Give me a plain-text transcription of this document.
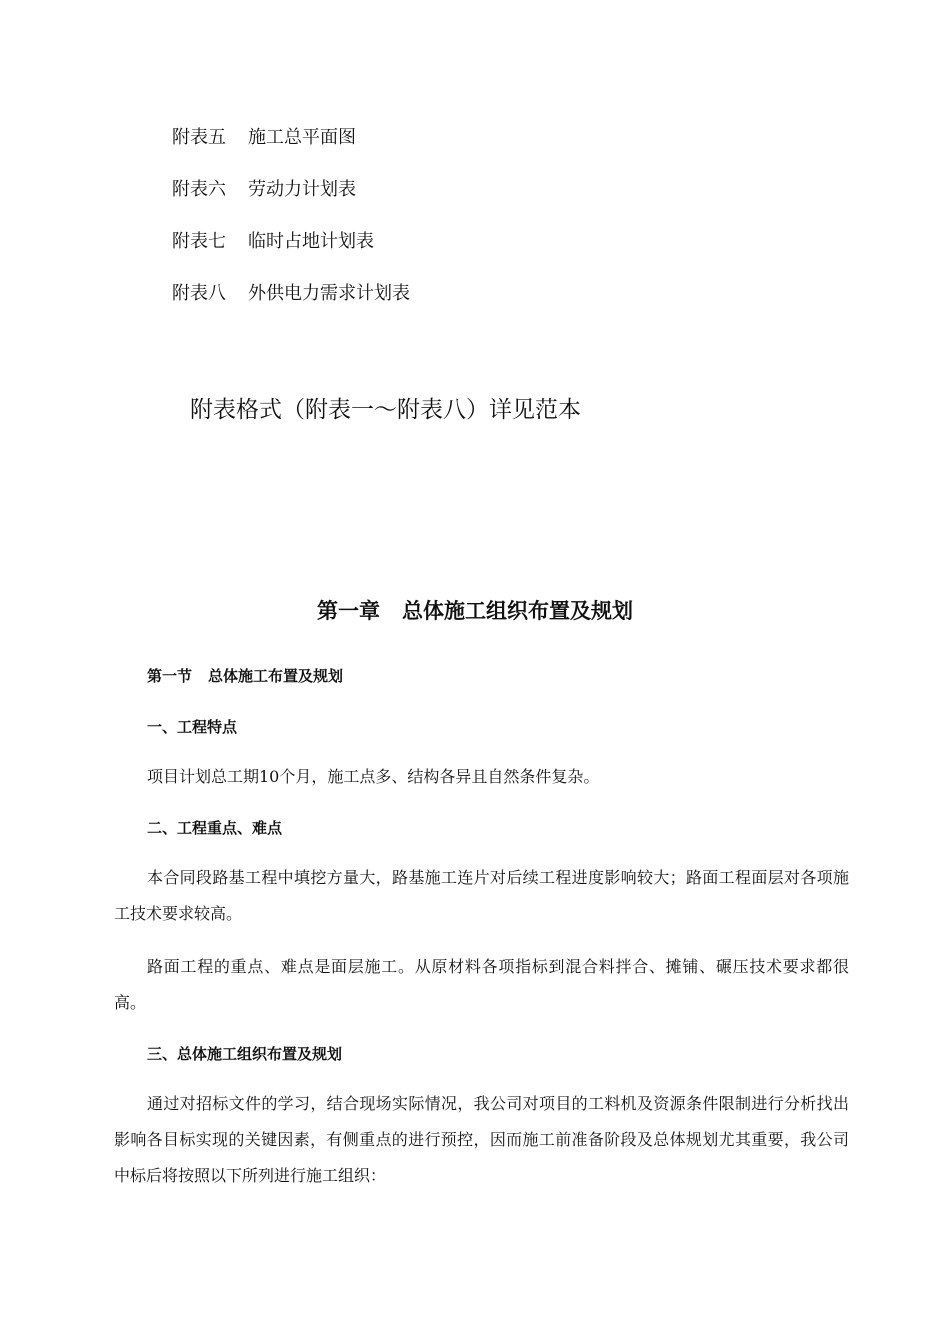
附表五 施工总平面图
附表六 劳动力计划表
附表七 临时占地计划表
附表八 外供电力需求计划表
附表格式（附表一～附表八）详见范本
第一章 总体施工组织布置及规划
第一节 总体施工布置及规划
一、工程特点
项目计划总工期10个月，施工点多、结构各异且自然条件复杂。
二、工程重点、难点
本合同段路基工程中填挖方量大，路基施工连片对后续工程进度影响较大；路面工程面层对各项施工技术要求较高。
路面工程的重点、难点是面层施工。从原材料各项指标到混合料拌合、摊铺、碾压技术要求都很高。
三、总体施工组织布置及规划
通过对招标文件的学习，结合现场实际情况，我公司对项目的工料机及资源条件限制进行分析找出影响各目标实现的关键因素，有侧重点的进行预控，因而施工前准备阶段及总体规划尤其重要，我公司中标后将按照以下所列进行施工组织：
